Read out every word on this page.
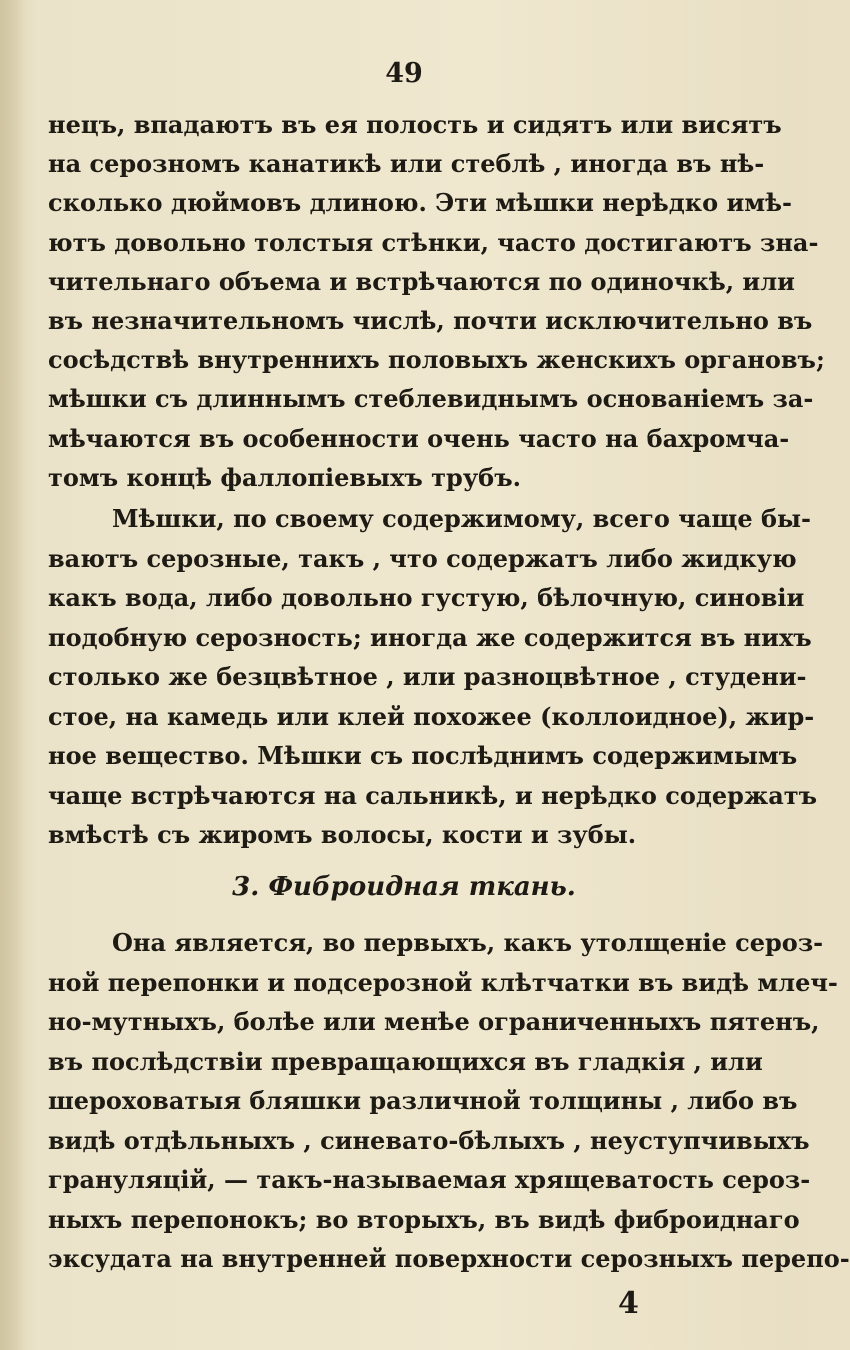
49
нецъ, впадаютъ въ ея полость и сидятъ или висятъ
на серозномъ канатикѣ или стеблѣ , иногда въ нѣ-
сколько дюймовъ длиною. Эти мѣшки нерѣдко имѣ-
ютъ довольно толстыя стѣнки, часто достигаютъ зна-
чительнаго объема и встрѣчаются по одиночкѣ, или
въ незначительномъ числѣ, почти исключительно въ
сосѣдствѣ внутреннихъ половыхъ женскихъ органовъ;
мѣшки съ длиннымъ стеблевиднымъ основанiемъ за-
мѣчаются въ особенности очень часто на бахромча-
томъ концѣ фаллопiевыхъ трубъ.
Мѣшки, по своему содержимому, всего чаще бы-
ваютъ серозные, такъ , что содержатъ либо жидкую
какъ вода, либо довольно густую, бѣлочную, синовiи
подобную серозность; иногда же содержится въ нихъ
столько же безцвѣтное , или разноцвѣтное , студени-
стое, на камедь или клей похожее (коллоидное), жир-
ное вещество. Мѣшки съ послѣднимъ содержимымъ
чаще встрѣчаются на сальникѣ, и нерѣдко содержатъ
вмѣстѣ съ жиромъ волосы, кости и зубы.
3. Фиброидная ткань.
Она является, во первыхъ, какъ утолщенiе сероз-
ной перепонки и подсерозной клѣтчатки въ видѣ млеч-
но-мутныхъ, болѣе или менѣе ограниченныхъ пятенъ,
въ послѣдствiи превращающихся въ гладкiя , или
шероховатыя бляшки различной толщины , либо въ
видѣ отдѣльныхъ , синевато-бѣлыхъ , неуступчивыхъ
грануляцiй, — такъ-называемая хрящеватость сероз-
ныхъ перепонокъ; во вторыхъ, въ видѣ фиброиднаго
эксудата на внутренней поверхности серозныхъ перепо-
4
